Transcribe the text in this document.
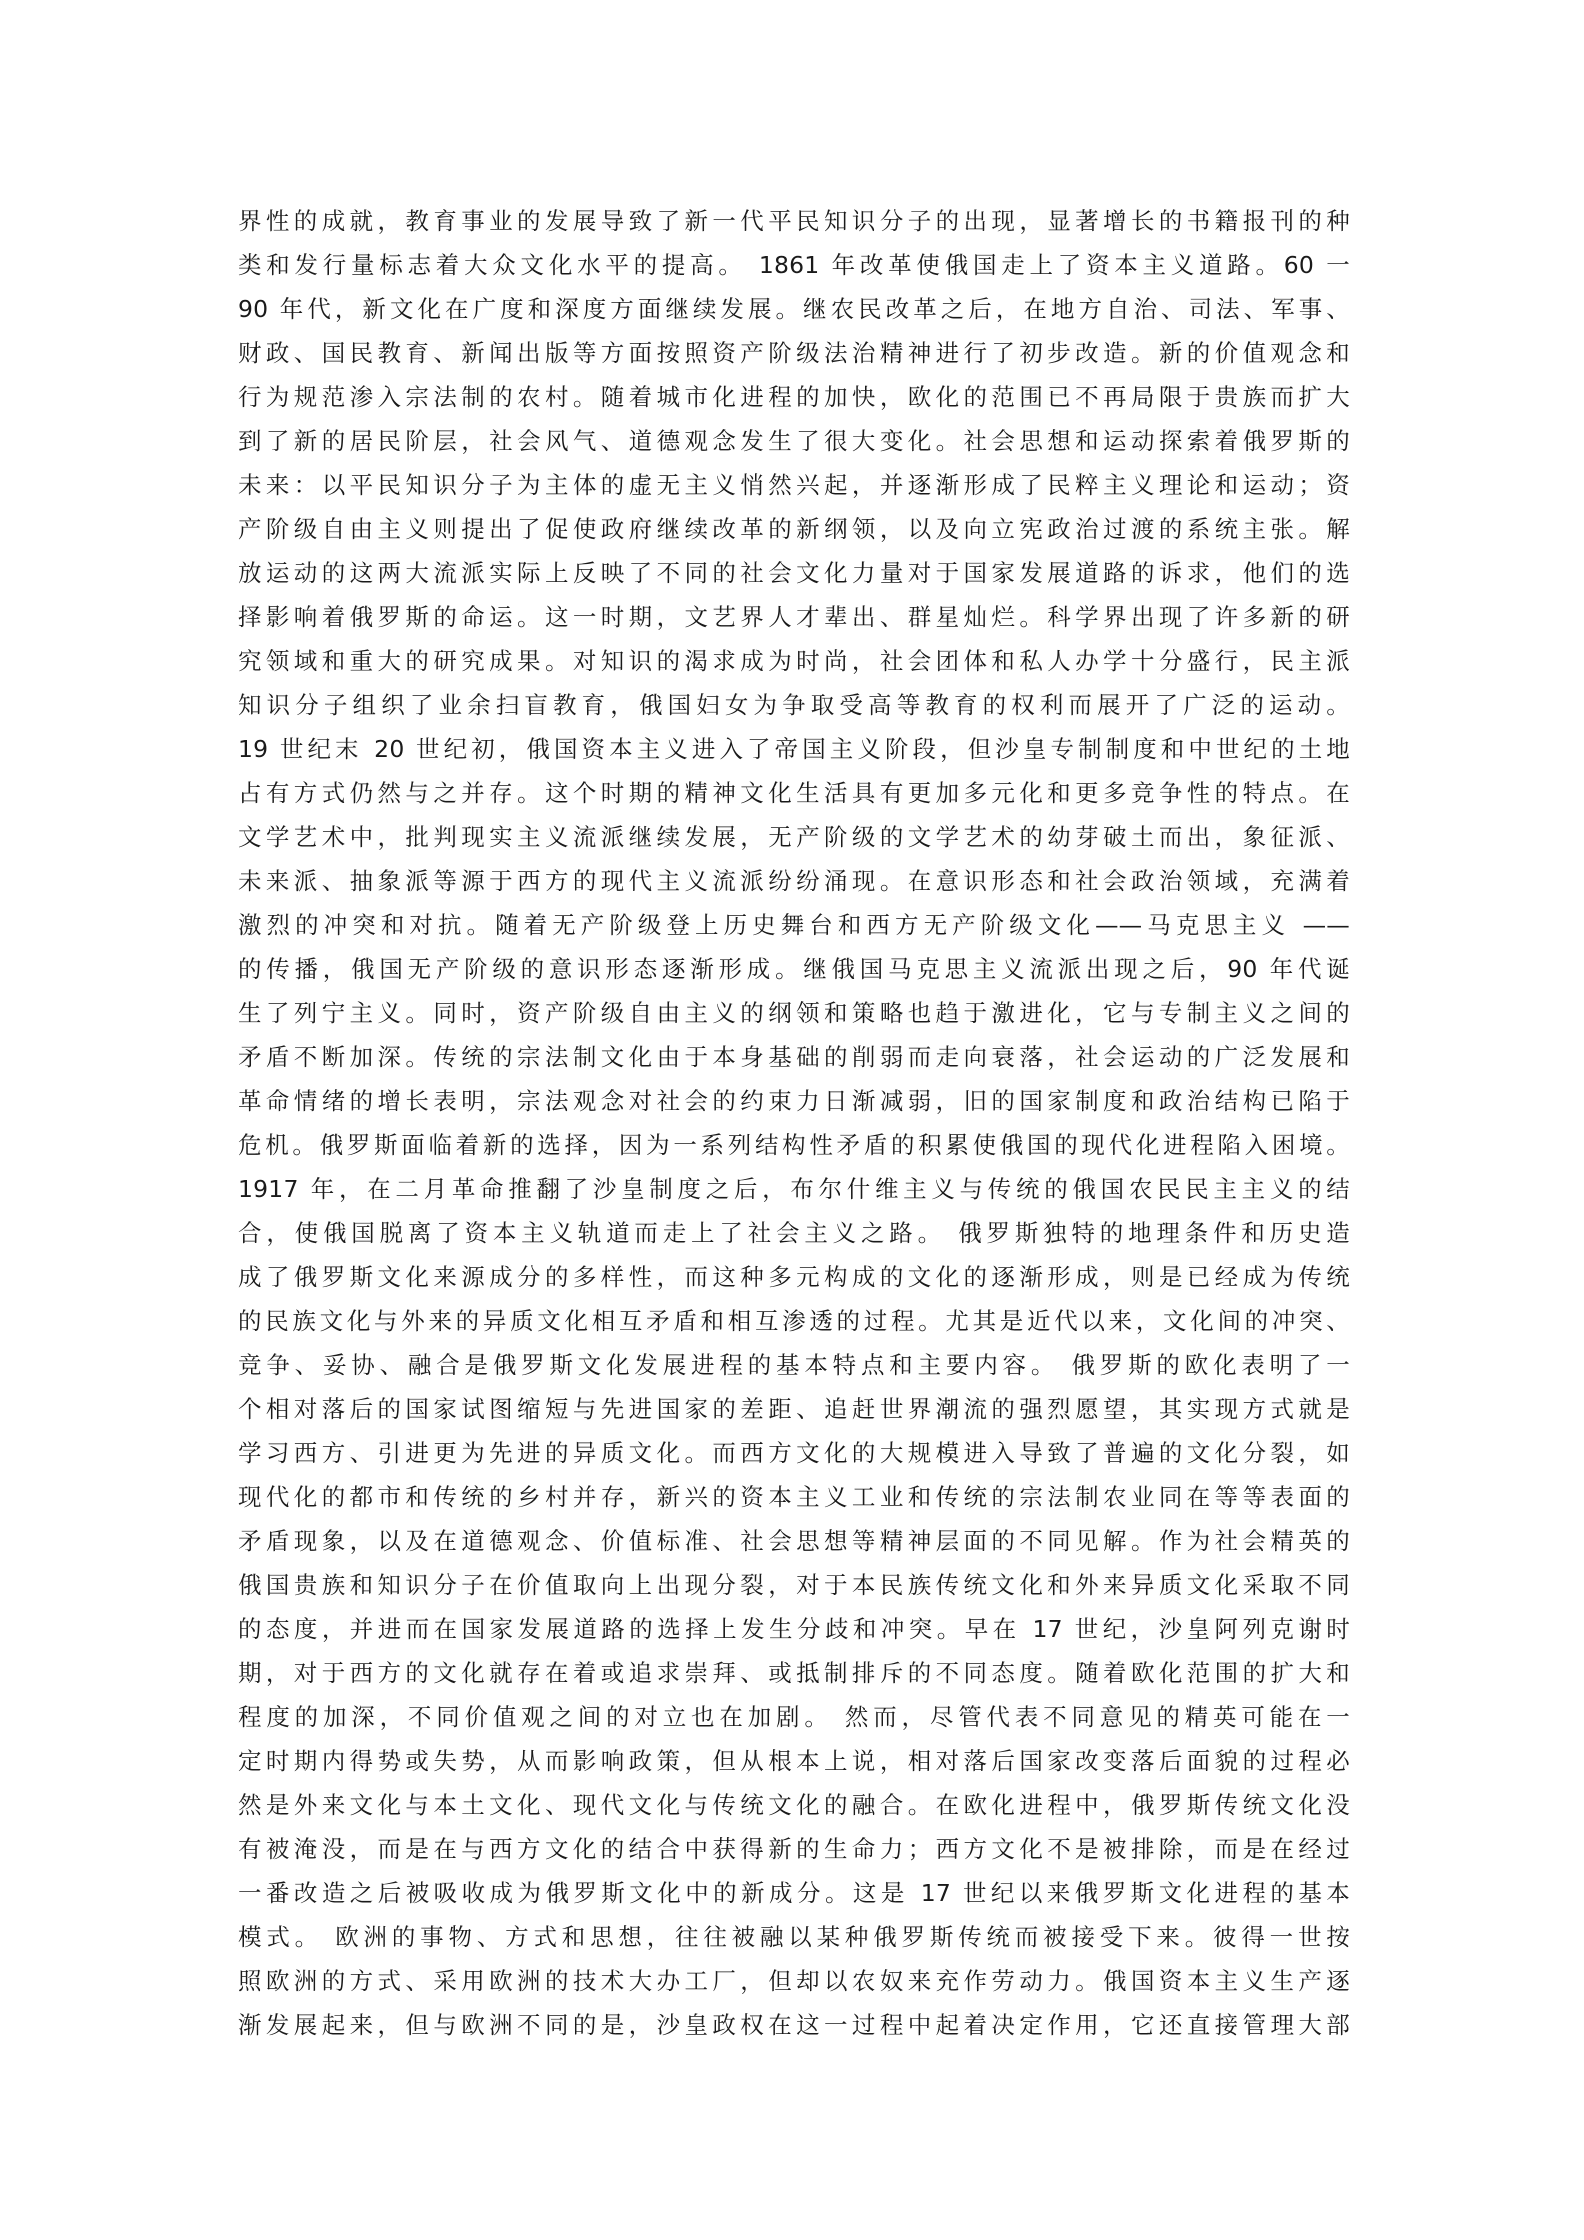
界性的成就，教育事业的发展导致了新一代平民知识分子的出现，显著增长的书籍报刊的种
类和发行量标志着大众文化水平的提高。 1861 年改革使俄国走上了资本主义道路。60 一
90 年代，新文化在广度和深度方面继续发展。继农民改革之后，在地方自治、司法、军事、
财政、国民教育、新闻出版等方面按照资产阶级法治精神进行了初步改造。新的价值观念和
行为规范渗入宗法制的农村。随着城市化进程的加快，欧化的范围已不再局限于贵族而扩大
到了新的居民阶层，社会风气、道德观念发生了很大变化。社会思想和运动探索着俄罗斯的
未来：以平民知识分子为主体的虚无主义悄然兴起，并逐渐形成了民粹主义理论和运动；资
产阶级自由主义则提出了促使政府继续改革的新纲领，以及向立宪政治过渡的系统主张。解
放运动的这两大流派实际上反映了不同的社会文化力量对于国家发展道路的诉求，他们的选
择影响着俄罗斯的命运。这一时期，文艺界人才辈出、群星灿烂。科学界出现了许多新的研
究领域和重大的研究成果。对知识的渴求成为时尚，社会团体和私人办学十分盛行，民主派
知识分子组织了业余扫盲教育，俄国妇女为争取受高等教育的权利而展开了广泛的运动。
19 世纪末 20 世纪初，俄国资本主义进入了帝国主义阶段，但沙皇专制制度和中世纪的土地
占有方式仍然与之并存。这个时期的精神文化生活具有更加多元化和更多竞争性的特点。在
文学艺术中，批判现实主义流派继续发展，无产阶级的文学艺术的幼芽破土而出，象征派、
未来派、抽象派等源于西方的现代主义流派纷纷涌现。在意识形态和社会政治领域，充满着
激烈的冲突和对抗。随着无产阶级登上历史舞台和西方无产阶级文化——马克思主义 ——
的传播，俄国无产阶级的意识形态逐渐形成。继俄国马克思主义流派出现之后，90 年代诞
生了列宁主义。同时，资产阶级自由主义的纲领和策略也趋于激进化，它与专制主义之间的
矛盾不断加深。传统的宗法制文化由于本身基础的削弱而走向衰落，社会运动的广泛发展和
革命情绪的增长表明，宗法观念对社会的约束力日渐减弱，旧的国家制度和政治结构已陷于
危机。俄罗斯面临着新的选择，因为一系列结构性矛盾的积累使俄国的现代化进程陷入困境。
1917 年，在二月革命推翻了沙皇制度之后，布尔什维主义与传统的俄国农民民主主义的结
合，使俄国脱离了资本主义轨道而走上了社会主义之路。 俄罗斯独特的地理条件和历史造
成了俄罗斯文化来源成分的多样性，而这种多元构成的文化的逐渐形成，则是已经成为传统
的民族文化与外来的异质文化相互矛盾和相互渗透的过程。尤其是近代以来，文化间的冲突、
竞争、妥协、融合是俄罗斯文化发展进程的基本特点和主要内容。 俄罗斯的欧化表明了一
个相对落后的国家试图缩短与先进国家的差距、追赶世界潮流的强烈愿望，其实现方式就是
学习西方、引进更为先进的异质文化。而西方文化的大规模进入导致了普遍的文化分裂，如
现代化的都市和传统的乡村并存，新兴的资本主义工业和传统的宗法制农业同在等等表面的
矛盾现象，以及在道德观念、价值标准、社会思想等精神层面的不同见解。作为社会精英的
俄国贵族和知识分子在价值取向上出现分裂，对于本民族传统文化和外来异质文化采取不同
的态度，并进而在国家发展道路的选择上发生分歧和冲突。早在 17 世纪，沙皇阿列克谢时
期，对于西方的文化就存在着或追求崇拜、或抵制排斥的不同态度。随着欧化范围的扩大和
程度的加深，不同价值观之间的对立也在加剧。 然而，尽管代表不同意见的精英可能在一
定时期内得势或失势，从而影响政策，但从根本上说，相对落后国家改变落后面貌的过程必
然是外来文化与本土文化、现代文化与传统文化的融合。在欧化进程中，俄罗斯传统文化没
有被淹没，而是在与西方文化的结合中获得新的生命力；西方文化不是被排除，而是在经过
一番改造之后被吸收成为俄罗斯文化中的新成分。这是 17 世纪以来俄罗斯文化进程的基本
模式。 欧洲的事物、方式和思想，往往被融以某种俄罗斯传统而被接受下来。彼得一世按
照欧洲的方式、采用欧洲的技术大办工厂，但却以农奴来充作劳动力。俄国资本主义生产逐
渐发展起来，但与欧洲不同的是，沙皇政权在这一过程中起着决定作用，它还直接管理大部
